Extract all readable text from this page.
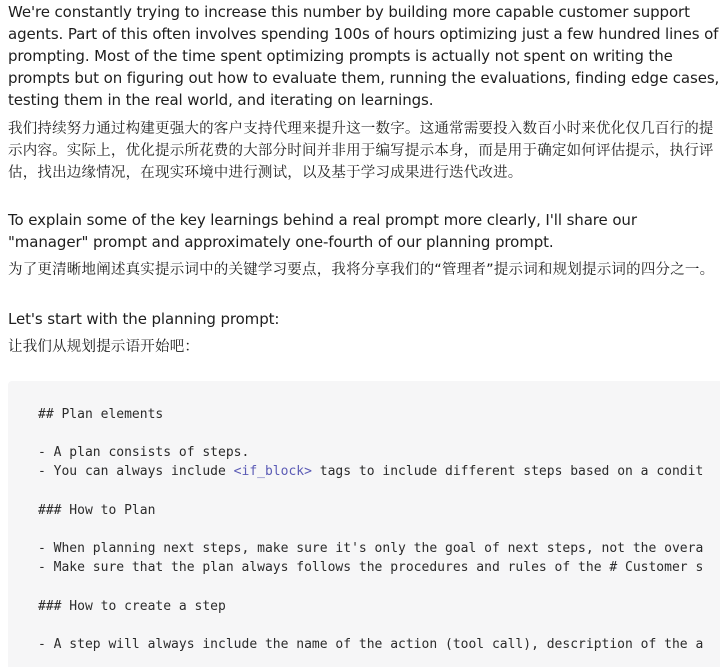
We're constantly trying to increase this number by building more capable customer support agents. Part of this often involves spending 100s of hours optimizing just a few hundred lines of prompting. Most of the time spent optimizing prompts is actually not spent on writing the prompts but on figuring out how to evaluate them, running the evaluations, finding edge cases, testing them in the real world, and iterating on learnings.

我们持续努力通过构建更强大的客户支持代理来提升这一数字。这通常需要投入数百小时来优化仅几百行的提示内容。实际上，优化提示所花费的大部分时间并非用于编写提示本身，而是用于确定如何评估提示，执行评估，找出边缘情况，在现实环境中进行测试，以及基于学习成果进行迭代改进。

To explain some of the key learnings behind a real prompt more clearly, I'll share our "manager" prompt and approximately one-fourth of our planning prompt.

为了更清晰地阐述真实提示词中的关键学习要点，我将分享我们的“管理者”提示词和规划提示词的四分之一。

Let's start with the planning prompt:

让我们从规划提示语开始吧：

## Plan elements

- A plan consists of steps.

- You can always include <if_block> tags to include different steps based on a condit

### How to Plan

- When planning next steps, make sure it's only the goal of next steps, not the overa

- Make sure that the plan always follows the procedures and rules of the # Customer s

### How to create a step

- A step will always include the name of the action (tool call), description of the a
